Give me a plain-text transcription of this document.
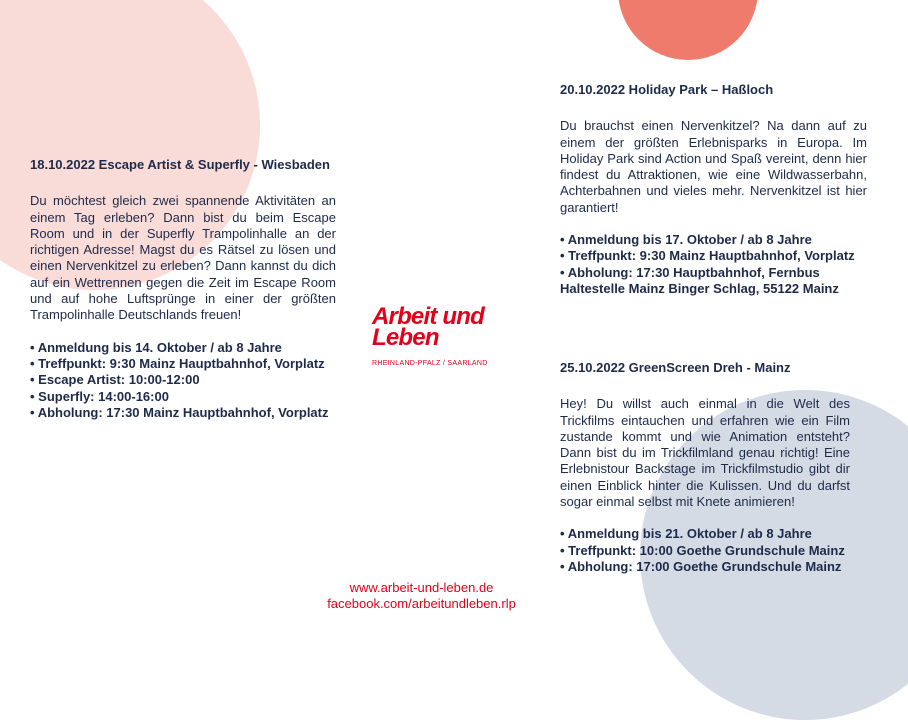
18.10.2022 Escape Artist & Superfly - Wiesbaden

Du möchtest gleich zwei spannende Aktivitäten an einem Tag erleben? Dann bist du beim Escape Room und in der Superfly Trampolinhalle an der richtigen Adresse! Magst du es Rätsel zu lösen und einen Nervenkitzel zu erleben? Dann kannst du dich auf ein Wettrennen gegen die Zeit im Escape Room und auf hohe Luftsprünge in einer der größten Trampolinhalle Deutschlands freuen!

• Anmeldung bis 14. Oktober / ab 8 Jahre
• Treffpunkt: 9:30 Mainz Hauptbahnhof, Vorplatz
• Escape Artist: 10:00-12:00
• Superfly: 14:00-16:00
• Abholung: 17:30 Mainz Hauptbahnhof, Vorplatz
20.10.2022 Holiday Park – Haßloch

Du brauchst einen Nervenkitzel? Na dann auf zu einem der größten Erlebnisparks in Europa. Im Holiday Park sind Action und Spaß vereint, denn hier findest du Attraktionen, wie eine Wildwasserbahn, Achterbahnen und vieles mehr. Nervenkitzel ist hier garantiert!

• Anmeldung bis 17. Oktober / ab 8 Jahre
• Treffpunkt: 9:30 Mainz Hauptbahnhof, Vorplatz
• Abholung: 17:30 Hauptbahnhof, Fernbus Haltestelle Mainz Binger Schlag, 55122 Mainz
25.10.2022 GreenScreen Dreh - Mainz

Hey! Du willst auch einmal in die Welt des Trickfilms eintauchen und erfahren wie ein Film zustande kommt und wie Animation entsteht? Dann bist du im Trickfilmland genau richtig! Eine Erlebnistour Backstage im Trickfilmstudio gibt dir einen Einblick hinter die Kulissen. Und du darfst sogar einmal selbst mit Knete animieren!

• Anmeldung bis 21. Oktober / ab 8 Jahre
• Treffpunkt: 10:00 Goethe Grundschule Mainz
• Abholung: 17:00 Goethe Grundschule Mainz
Arbeit und
Leben
RHEINLAND-PFALZ / SAARLAND
www.arbeit-und-leben.de
facebook.com/arbeitundleben.rlp
